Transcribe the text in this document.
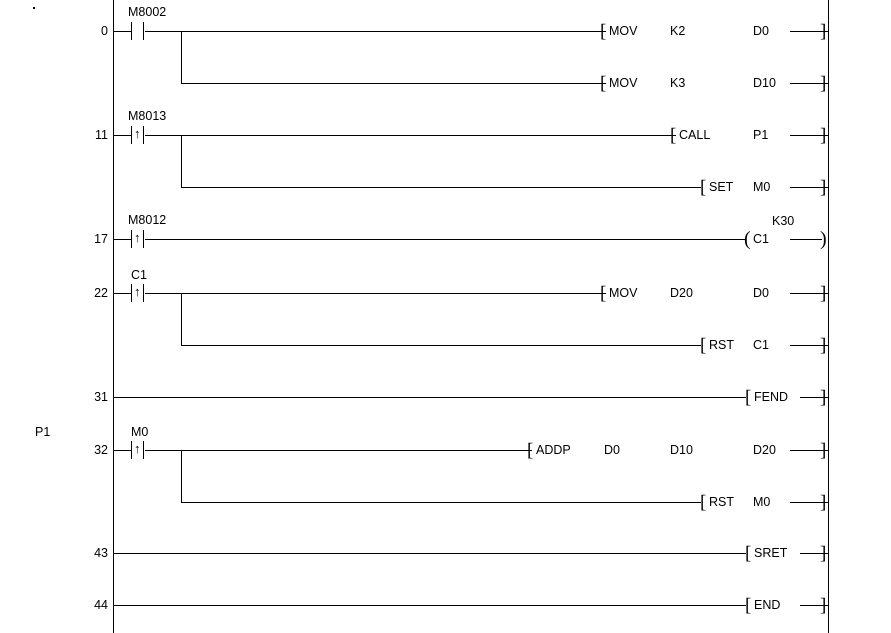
0
M8002
[ MOV	K2	D0	]
[ MOV	K3	D10 ]
11
M8013
↑	[ CALL	P1	]
[ SET M0	]
17
M8012
↑
K30
( C1	)
22
C1
↑	[ MOV	D20	D0	]
[ RST C1	]
31	[ FEND ]
P1
32
M0
↑	[ ADDP	D0	D10	D20 ]
[ RST M0	]
43	[ SRET ]
44	[ END ]
